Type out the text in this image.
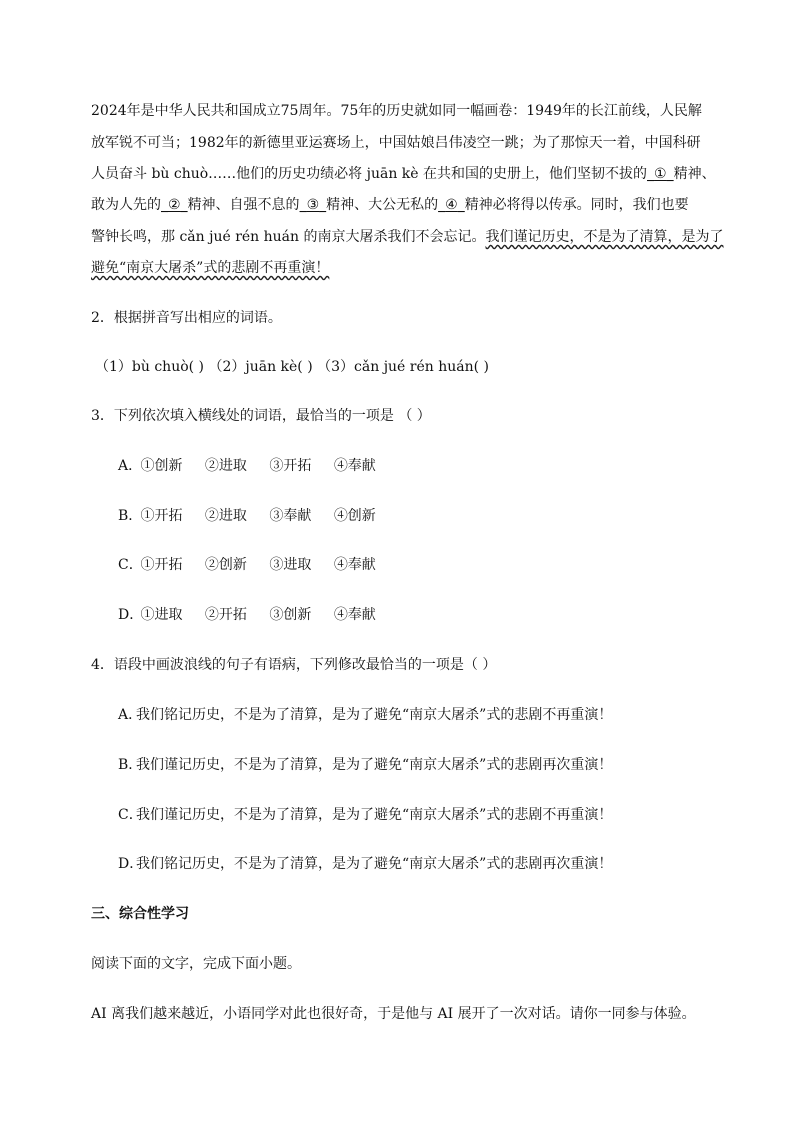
2024年是中华人民共和国成立75周年。75年的历史就如同一幅画卷：1949年的长江前线，人民解
放军锐不可当；1982年的新德里亚运赛场上，中国姑娘吕伟凌空一跳；为了那惊天一着，中国科研
人员奋斗 bù chuò……他们的历史功绩必将 juān kè 在共和国的史册上，他们坚韧不拔的_①_精神、
敢为人先的_②_精神、自强不息的_③_精神、大公无私的_④_精神必将得以传承。同时，我们也要
警钟长鸣，那 cǎn jué rén huán 的南京大屠杀我们不会忘记。我们谨记历史，不是为了清算，是为了
避免“南京大屠杀”式的悲剧不再重演！
2．根据拼音写出相应的词语。
（1）bù chuò( ) （2）juān kè( ) （3）cǎn jué rén huán( )
3．下列依次填入横线处的词语，最恰当的一项是 （ ）
A． ①创新 ②进取 ③开拓 ④奉献
B． ①开拓 ②进取 ③奉献 ④创新
C． ①开拓 ②创新 ③进取 ④奉献
D． ①进取 ②开拓 ③创新 ④奉献
4．语段中画波浪线的句子有语病，下列修改最恰当的一项是（ ）
A．我们铭记历史，不是为了清算，是为了避免“南京大屠杀”式的悲剧不再重演！
B．我们谨记历史，不是为了清算，是为了避免“南京大屠杀”式的悲剧再次重演！
C．我们谨记历史，不是为了清算，是为了避免“南京大屠杀”式的悲剧不再重演！
D．我们铭记历史，不是为了清算，是为了避免“南京大屠杀”式的悲剧再次重演！
三、综合性学习
阅读下面的文字，完成下面小题。
AI 离我们越来越近，小语同学对此也很好奇，于是他与 AI 展开了一次对话。请你一同参与体验。
